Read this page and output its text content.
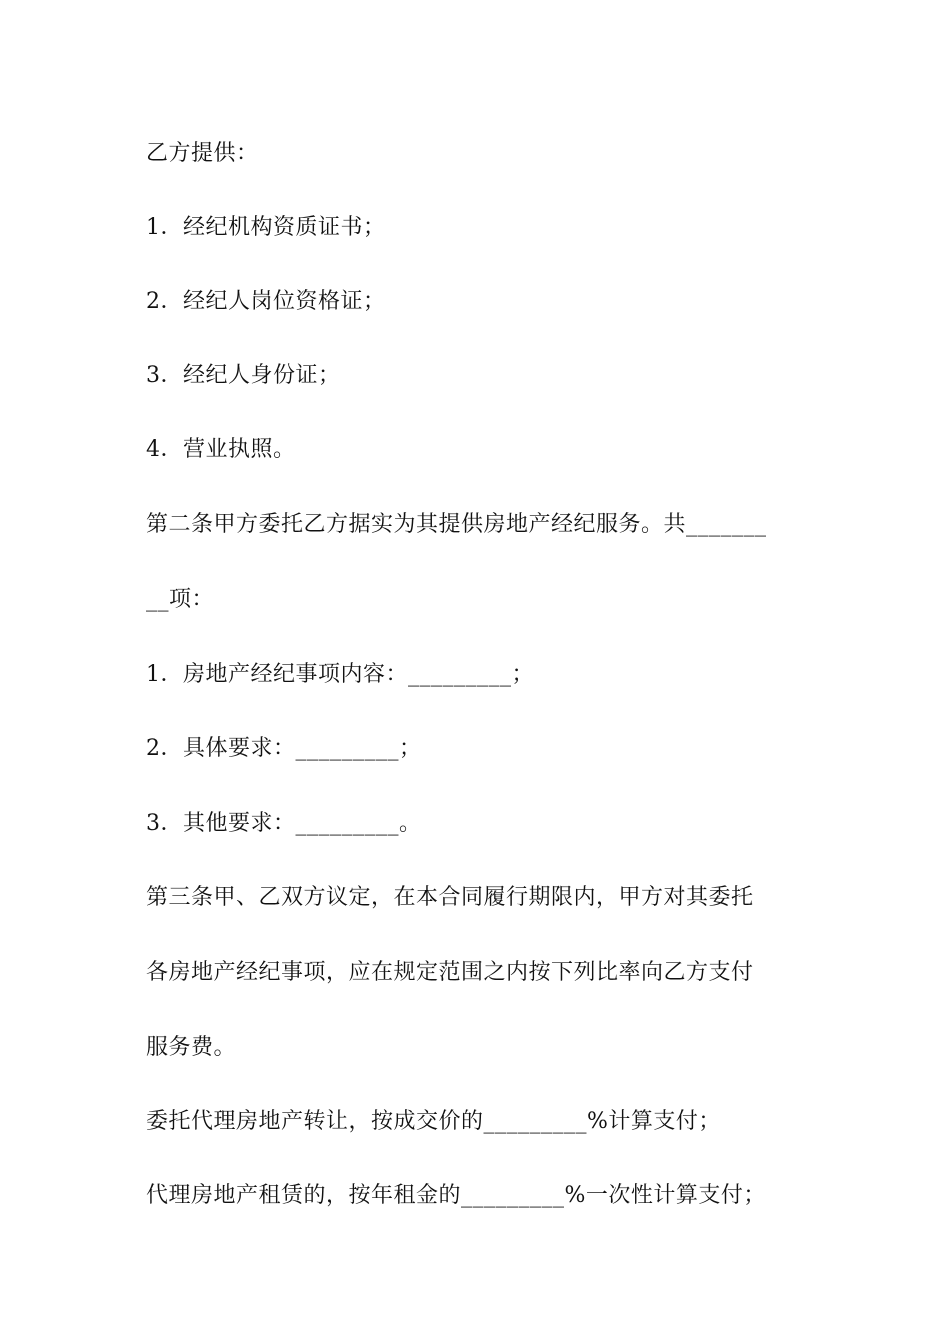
乙方提供：
1．经纪机构资质证书；
2．经纪人岗位资格证；
3．经纪人身份证；
4．营业执照。
第二条甲方委托乙方据实为其提供房地产经纪服务。共_______
__项：
1．房地产经纪事项内容：_________；
2．具体要求：_________；
3．其他要求：_________。
第三条甲、乙双方议定，在本合同履行期限内，甲方对其委托
各房地产经纪事项，应在规定范围之内按下列比率向乙方支付
服务费。
委托代理房地产转让，按成交价的_________%计算支付；
代理房地产租赁的，按年租金的_________%一次性计算支付；
